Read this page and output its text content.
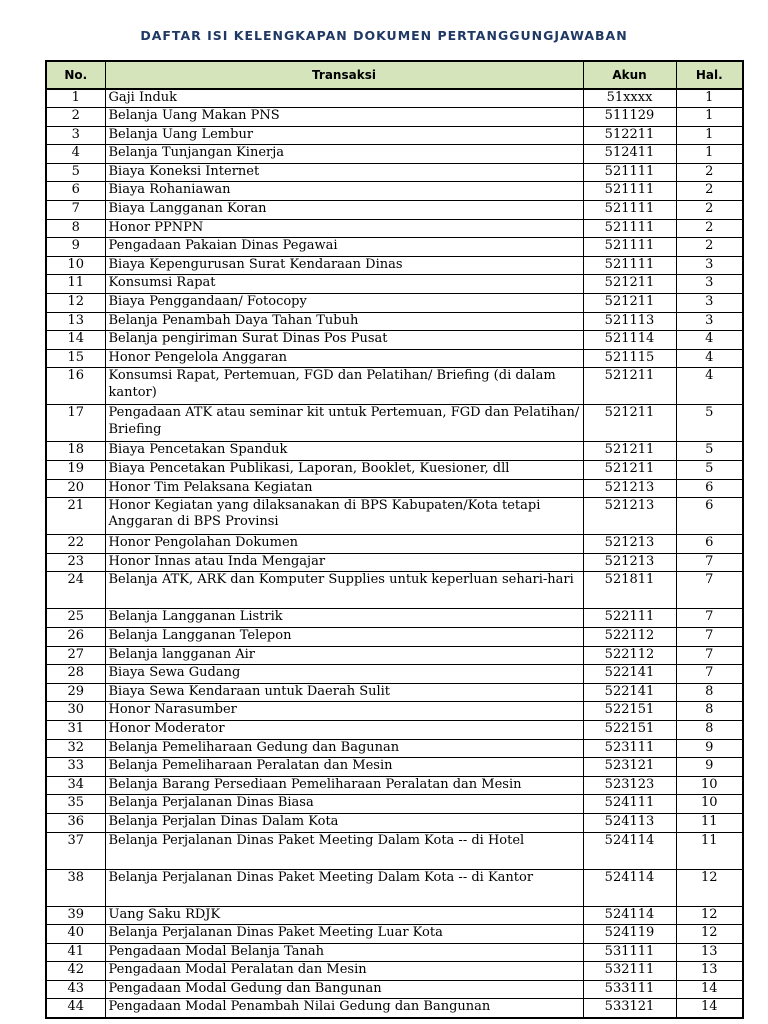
DAFTAR ISI KELENGKAPAN DOKUMEN PERTANGGUNGJAWABAN
No.	Transaksi	Akun	Hal.
1	Gaji Induk	51xxxx	1
2	Belanja Uang Makan PNS	511129	1
3	Belanja Uang Lembur	512211	1
4	Belanja Tunjangan Kinerja	512411	1
5	Biaya Koneksi Internet	521111	2
6	Biaya Rohaniawan	521111	2
7	Biaya Langganan Koran	521111	2
8	Honor PPNPN	521111	2
9	Pengadaan Pakaian Dinas Pegawai	521111	2
10	Biaya Kepengurusan Surat Kendaraan Dinas	521111	3
11	Konsumsi Rapat	521211	3
12	Biaya Penggandaan/ Fotocopy	521211	3
13	Belanja Penambah Daya Tahan Tubuh	521113	3
14	Belanja pengiriman Surat Dinas Pos Pusat	521114	4
15	Honor Pengelola Anggaran	521115	4
16	Konsumsi Rapat, Pertemuan, FGD dan Pelatihan/ Briefing (di dalam kantor)	521211	4
17	Pengadaan ATK atau seminar kit untuk Pertemuan, FGD dan Pelatihan/ Briefing	521211	5
18	Biaya Pencetakan Spanduk	521211	5
19	Biaya Pencetakan Publikasi, Laporan, Booklet, Kuesioner, dll	521211	5
20	Honor Tim Pelaksana Kegiatan	521213	6
21	Honor Kegiatan yang dilaksanakan di BPS Kabupaten/Kota tetapi Anggaran di BPS Provinsi	521213	6
22	Honor Pengolahan Dokumen	521213	6
23	Honor Innas atau Inda Mengajar	521213	7
24	Belanja ATK, ARK dan Komputer Supplies untuk keperluan sehari-hari	521811	7
25	Belanja Langganan Listrik	522111	7
26	Belanja Langganan Telepon	522112	7
27	Belanja langganan Air	522112	7
28	Biaya Sewa Gudang	522141	7
29	Biaya Sewa Kendaraan untuk Daerah Sulit	522141	8
30	Honor Narasumber	522151	8
31	Honor Moderator	522151	8
32	Belanja Pemeliharaan Gedung dan Bagunan	523111	9
33	Belanja Pemeliharaan Peralatan dan Mesin	523121	9
34	Belanja Barang Persediaan Pemeliharaan Peralatan dan Mesin	523123	10
35	Belanja Perjalanan Dinas Biasa	524111	10
36	Belanja Perjalan Dinas Dalam Kota	524113	11
37	Belanja Perjalanan Dinas Paket Meeting Dalam Kota -- di Hotel	524114	11
38	Belanja Perjalanan Dinas Paket Meeting Dalam Kota -- di Kantor	524114	12
39	Uang Saku RDJK	524114	12
40	Belanja Perjalanan Dinas Paket Meeting Luar Kota	524119	12
41	Pengadaan Modal Belanja Tanah	531111	13
42	Pengadaan Modal Peralatan dan Mesin	532111	13
43	Pengadaan Modal Gedung dan Bangunan	533111	14
44	Pengadaan Modal Penambah Nilai Gedung dan Bangunan	533121	14
